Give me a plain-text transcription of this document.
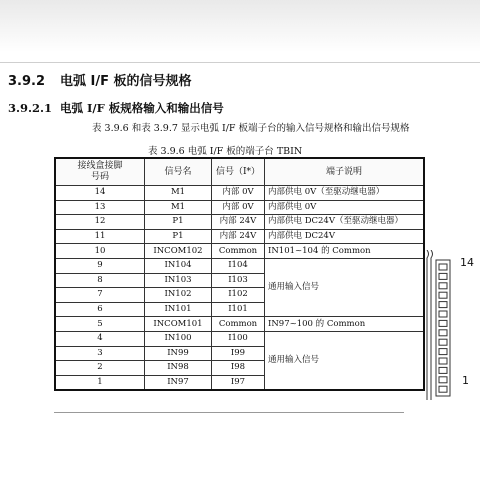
3.9.2 电弧 I/F 板的信号规格
3.9.2.1 电弧 I/F 板规格输入和输出信号
表 3.9.6 和表 3.9.7 显示电弧 I/F 板端子台的输入信号规格和输出信号规格
表 3.9.6 电弧 I/F 板的端子台 TBIN
接线盒接脚
号码	信号名	信号（I*）	端子说明
14	M1	内部 0V	内部供电 0V（至驱动继电器）
13	M1	内部 0V	内部供电 0V
12	P1	内部 24V	内部供电 DC24V（至驱动继电器）
11	P1	内部 24V	内部供电 DC24V
10	INCOM102	Common	IN101~104 的 Common
9	IN104	I104	通用输入信号
8	IN103	I103	
7	IN102	I102	
6	IN101	I101	
5	INCOM101	Common	IN97~100 的 Common
4	IN100	I100	通用输入信号
3	IN99	I99	
2	IN98	I98	
1	IN97	I97	
14
1
